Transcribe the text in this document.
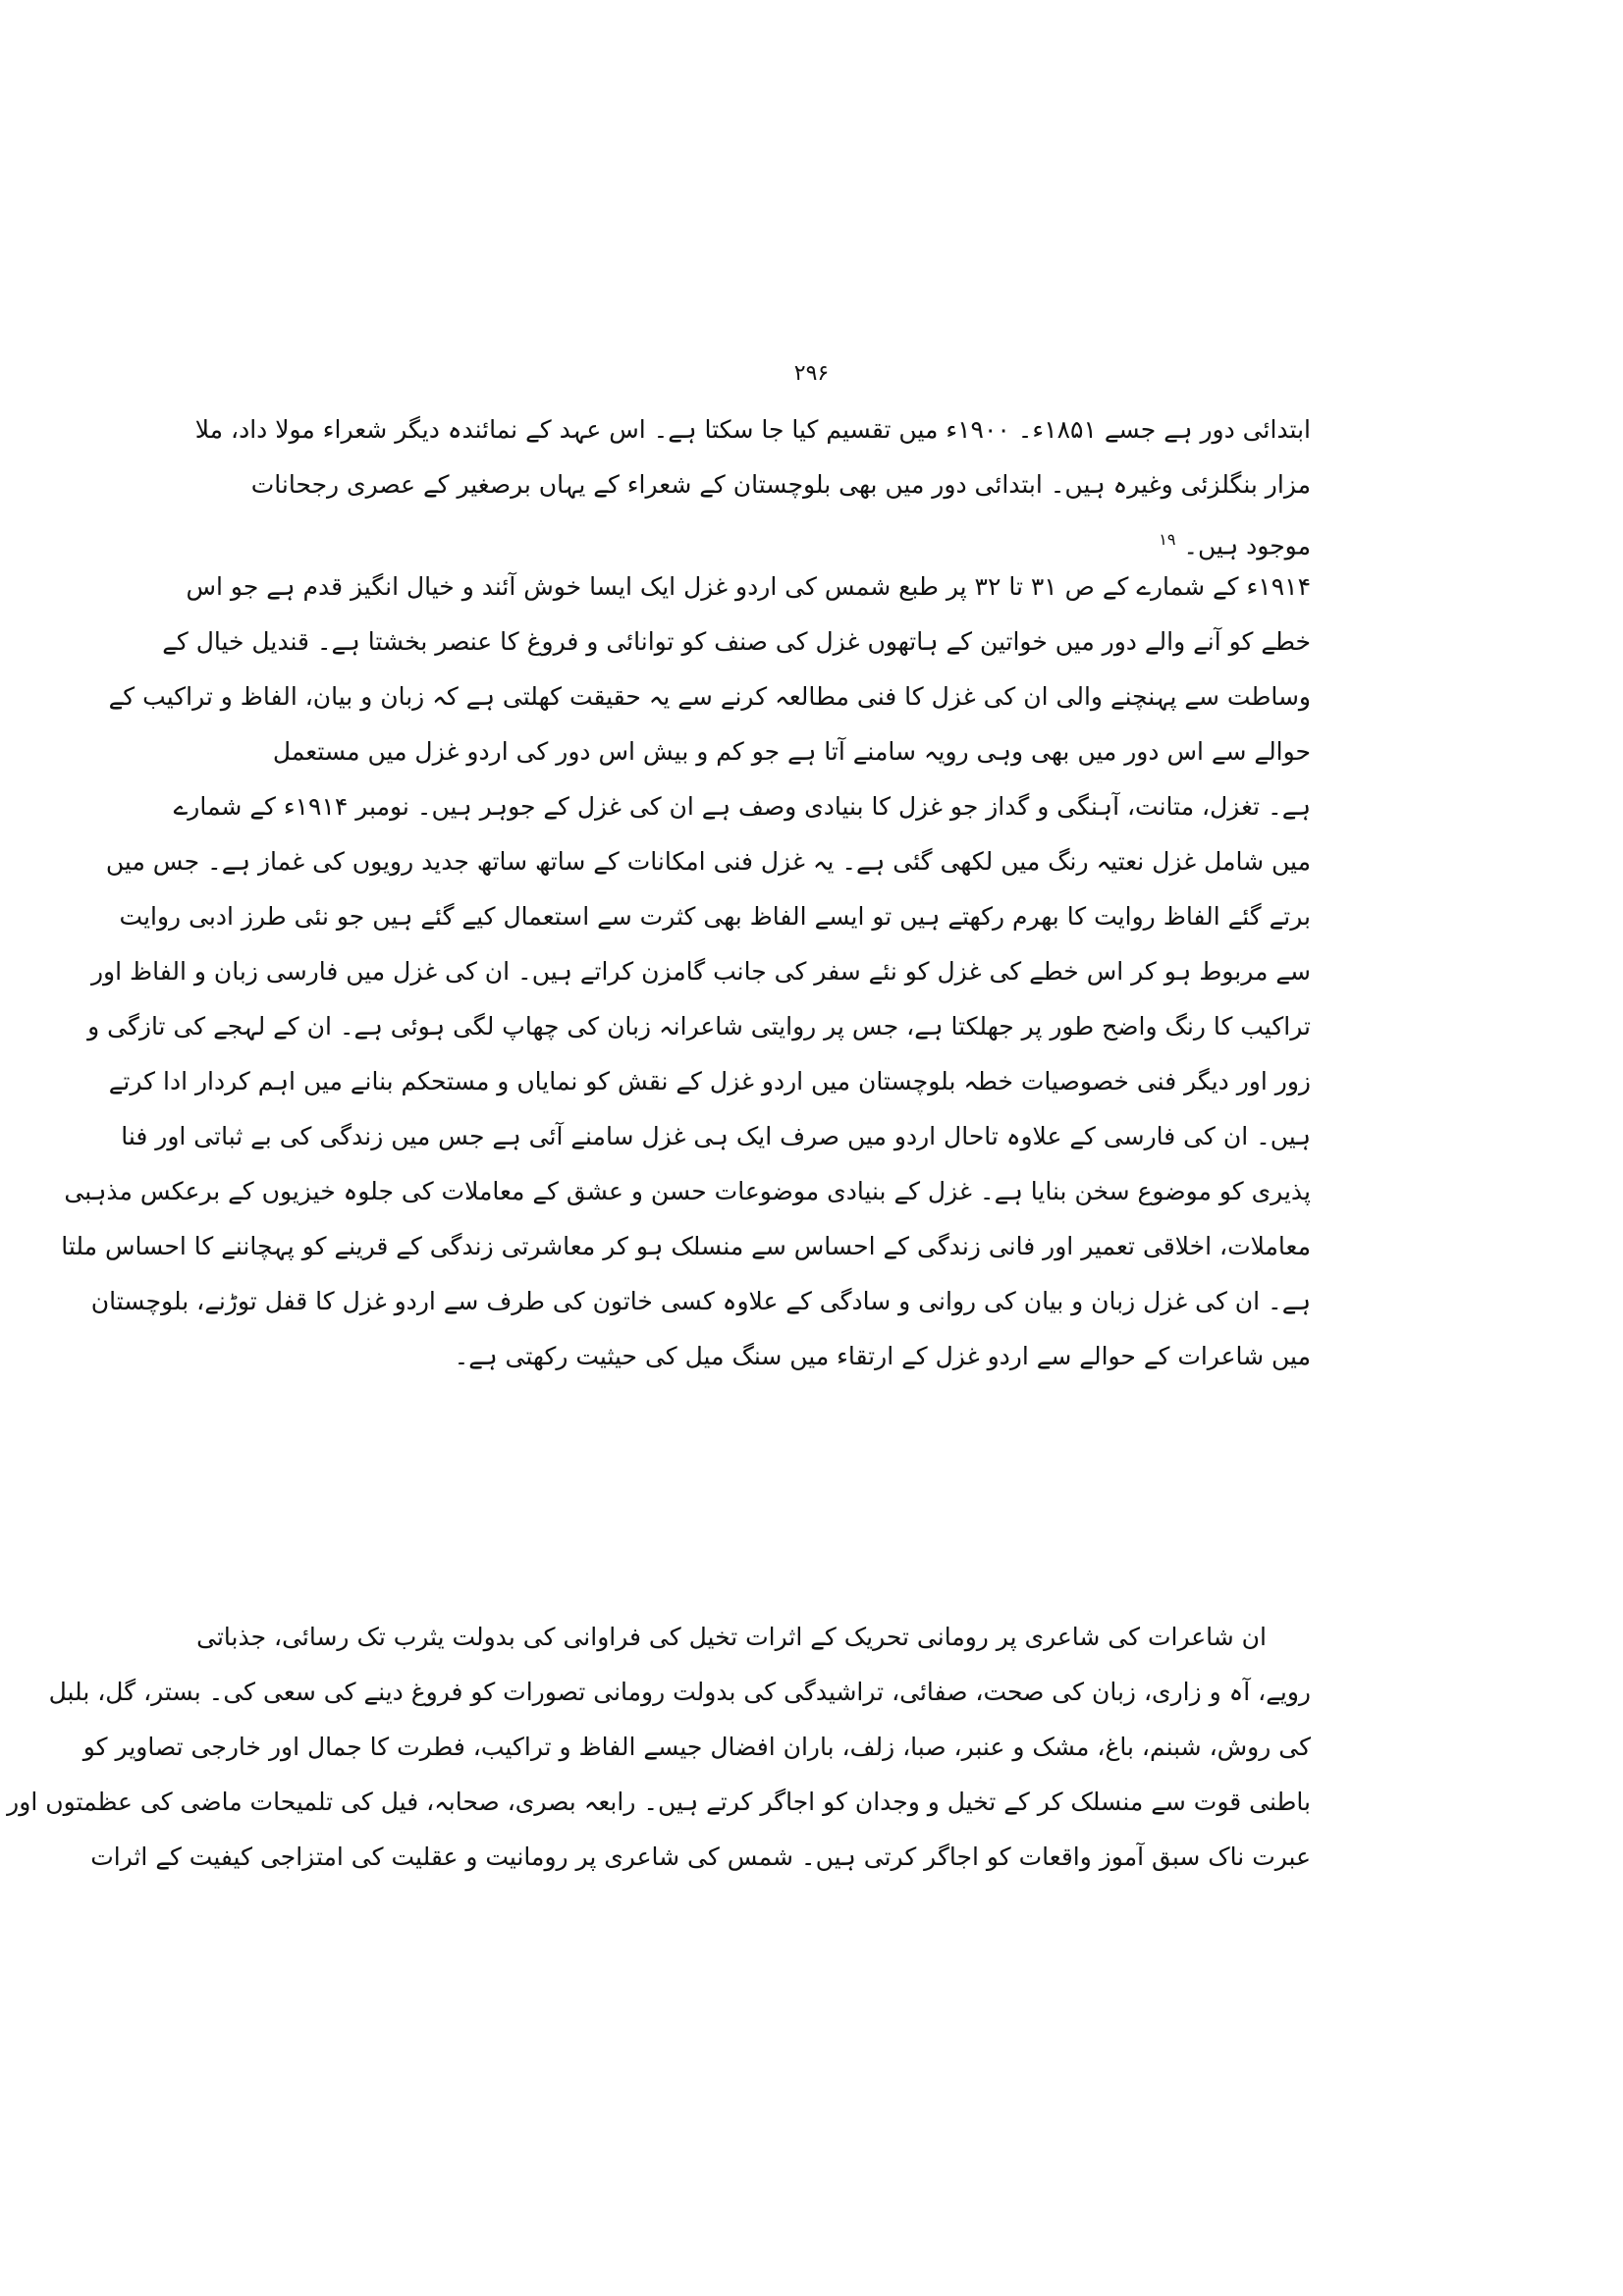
۲۹۶
ابتدائی دور ہے جسے ۱۸۵۱ء۔ ۱۹۰۰ء میں تقسیم کیا جا سکتا ہے۔ اس عہد کے نمائندہ دیگر شعراء مولا داد، ملا
مزار بنگلزئی وغیرہ ہیں۔ ابتدائی دور میں بھی بلوچستان کے شعراء کے یہاں برصغیر کے عصری رجحانات
موجود ہیں۔ $^{۱۹}$
۱۹۱۴ء کے شمارے کے ص ۳۱ تا ۳۲ پر طبع شمس کی اردو غزل ایک ایسا خوش آئند و خیال انگیز قدم ہے جو اس
خطے کو آنے والے دور میں خواتین کے ہاتھوں غزل کی صنف کو توانائی و فروغ کا عنصر بخشتا ہے۔ قندیل خیال کے
وساطت سے پہنچنے والی ان کی غزل کا فنی مطالعہ کرنے سے یہ حقیقت کھلتی ہے کہ زبان و بیان، الفاظ و تراکیب کے
حوالے سے اس دور میں بھی وہی رویہ سامنے آتا ہے جو کم و بیش اس دور کی اردو غزل میں مستعمل
ہے۔ تغزل، متانت، آہنگی و گداز جو غزل کا بنیادی وصف ہے ان کی غزل کے جوہر ہیں۔ نومبر ۱۹۱۴ء کے شمارے
میں شامل غزل نعتیہ رنگ میں لکھی گئی ہے۔ یہ غزل فنی امکانات کے ساتھ ساتھ جدید رویوں کی غماز ہے۔ جس میں
برتے گئے الفاظ روایت کا بھرم رکھتے ہیں تو ایسے الفاظ بھی کثرت سے استعمال کیے گئے ہیں جو نئی طرز ادبی روایت
سے مربوط ہو کر اس خطے کی غزل کو نئے سفر کی جانب گامزن کراتے ہیں۔ ان کی غزل میں فارسی زبان و الفاظ اور
تراکیب کا رنگ واضح طور پر جھلکتا ہے، جس پر روایتی شاعرانہ زبان کی چھاپ لگی ہوئی ہے۔ ان کے لہجے کی تازگی و
زور اور دیگر فنی خصوصیات خطہ بلوچستان میں اردو غزل کے نقش کو نمایاں و مستحکم بنانے میں اہم کردار ادا کرتے
ہیں۔ ان کی فارسی کے علاوہ تاحال اردو میں صرف ایک ہی غزل سامنے آئی ہے جس میں زندگی کی بے ثباتی اور فنا
پذیری کو موضوع سخن بنایا ہے۔ غزل کے بنیادی موضوعات حسن و عشق کے معاملات کی جلوہ خیزیوں کے برعکس مذہبی
معاملات، اخلاقی تعمیر اور فانی زندگی کے احساس سے منسلک ہو کر معاشرتی زندگی کے قرینے کو پہچاننے کا احساس ملتا
ہے۔ ان کی غزل زبان و بیان کی روانی و سادگی کے علاوہ کسی خاتون کی طرف سے اردو غزل کا قفل توڑنے، بلوچستان
میں شاعرات کے حوالے سے اردو غزل کے ارتقاء میں سنگ میل کی حیثیت رکھتی ہے۔
ان شاعرات کی شاعری پر رومانی تحریک کے اثرات تخیل کی فراوانی کی بدولت یثرب تک رسائی، جذباتی
رویے، آہ و زاری، زبان کی صحت، صفائی، تراشیدگی کی بدولت رومانی تصورات کو فروغ دینے کی سعی کی۔ بستر، گل، بلبل
کی روش، شبنم، باغ، مشک و عنبر، صبا، زلف، باران افضال جیسے الفاظ و تراکیب، فطرت کا جمال اور خارجی تصاویر کو
باطنی قوت سے منسلک کر کے تخیل و وجدان کو اجاگر کرتے ہیں۔ رابعہ بصری، صحابہ، فیل کی تلمیحات ماضی کی عظمتوں اور
عبرت ناک سبق آموز واقعات کو اجاگر کرتی ہیں۔ شمس کی شاعری پر رومانیت و عقلیت کی امتزاجی کیفیت کے اثرات
